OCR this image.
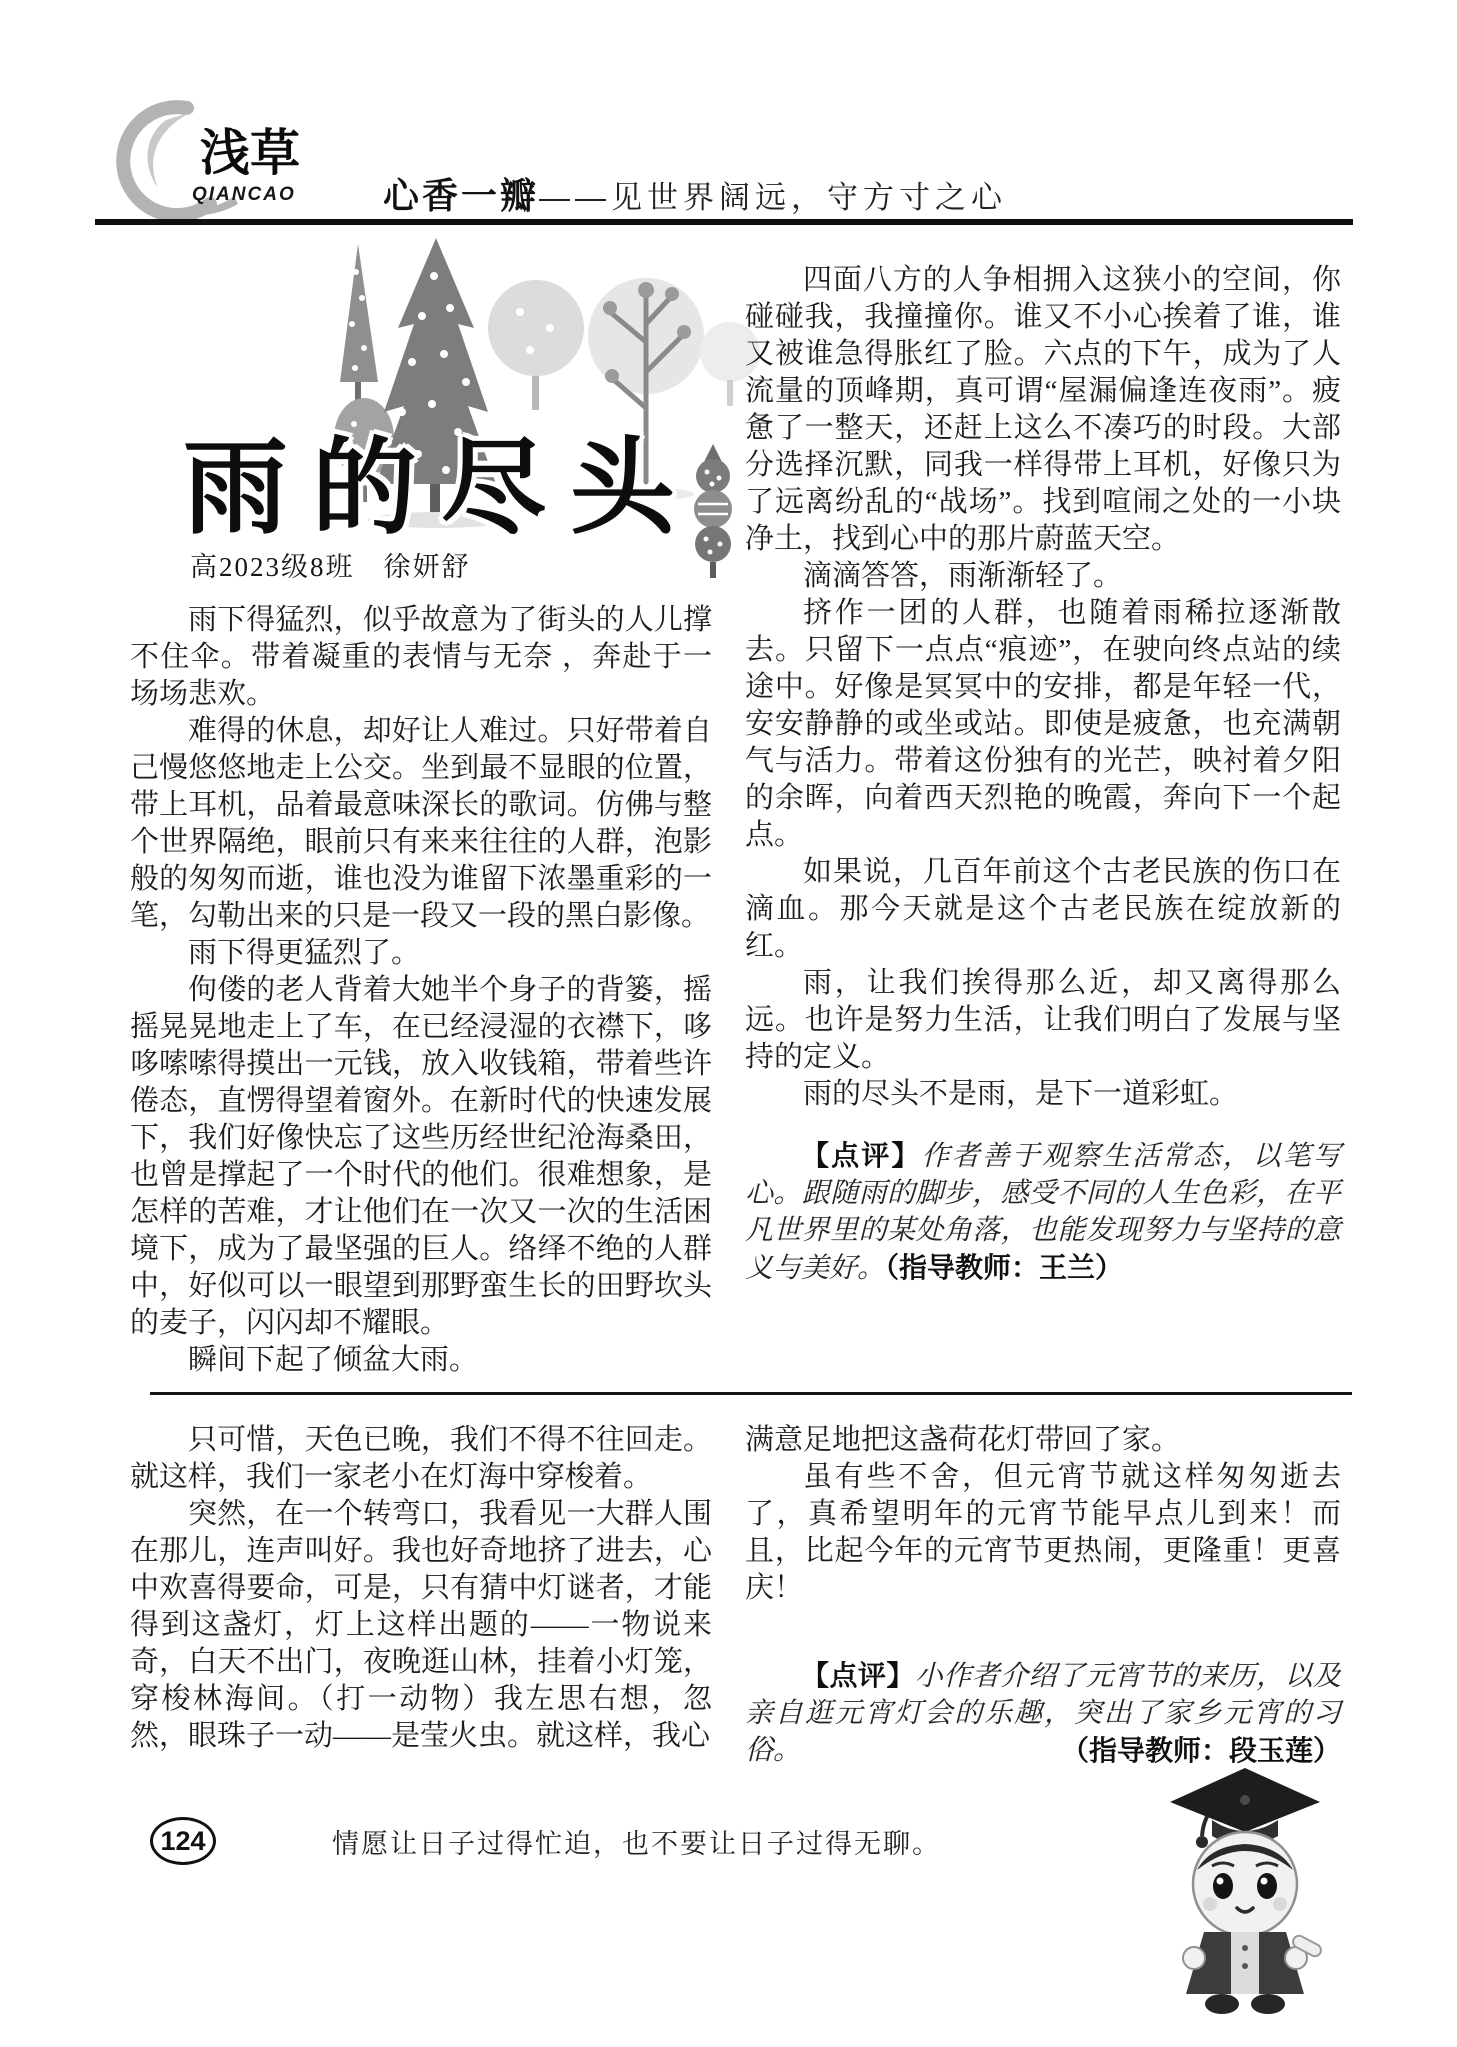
浅草
QIANCAO 心香一瓣——见世界阔远，守方寸之心
雨的尽头
高2023级8班　徐妍舒

雨下得猛烈，似乎故意为了街头的人儿撑不住伞。带着凝重的表情与无奈 ，奔赴于一场场悲欢。

难得的休息，却好让人难过。只好带着自己慢悠悠地走上公交。坐到最不显眼的位置，带上耳机，品着最意味深长的歌词。仿佛与整个世界隔绝，眼前只有来来往往的人群，泡影般的匆匆而逝，谁也没为谁留下浓墨重彩的一笔，勾勒出来的只是一段又一段的黑白影像。

雨下得更猛烈了。

佝偻的老人背着大她半个身子的背篓，摇摇晃晃地走上了车，在已经浸湿的衣襟下，哆哆嗦嗦得摸出一元钱，放入收钱箱，带着些许倦态，直愣得望着窗外。在新时代的快速发展下，我们好像快忘了这些历经世纪沧海桑田，也曾是撑起了一个时代的他们。很难想象，是怎样的苦难，才让他们在一次又一次的生活困境下，成为了最坚强的巨人。络绎不绝的人群中，好似可以一眼望到那野蛮生长的田野坎头的麦子，闪闪却不耀眼。

瞬间下起了倾盆大雨。

四面八方的人争相拥入这狭小的空间，你碰碰我，我撞撞你。谁又不小心挨着了谁，谁又被谁急得胀红了脸。六点的下午，成为了人流量的顶峰期，真可谓“屋漏偏逢连夜雨”。疲惫了一整天，还赶上这么不凑巧的时段。大部分选择沉默，同我一样得带上耳机，好像只为了远离纷乱的“战场”。找到喧闹之处的一小块净土，找到心中的那片蔚蓝天空。

滴滴答答，雨渐渐轻了。

挤作一团的人群，也随着雨稀拉逐渐散去。只留下一点点“痕迹”，在驶向终点站的续途中。好像是冥冥中的安排，都是年轻一代，安安静静的或坐或站。即使是疲惫，也充满朝气与活力。带着这份独有的光芒，映衬着夕阳的余晖，向着西天烈艳的晚霞，奔向下一个起点。

如果说，几百年前这个古老民族的伤口在滴血。那今天就是这个古老民族在绽放新的红。

雨，让我们挨得那么近，却又离得那么远。也许是努力生活，让我们明白了发展与坚持的定义。

雨的尽头不是雨，是下一道彩虹。

【点评】作者善于观察生活常态，以笔写心。跟随雨的脚步，感受不同的人生色彩，在平凡世界里的某处角落，也能发现努力与坚持的意义与美好。（指导教师：王兰）

只可惜，天色已晚，我们不得不往回走。就这样，我们一家老小在灯海中穿梭着。

突然，在一个转弯口，我看见一大群人围在那儿，连声叫好。我也好奇地挤了进去，心中欢喜得要命，可是，只有猜中灯谜者，才能得到这盏灯，灯上这样出题的——一物说来奇，白天不出门，夜晚逛山林，挂着小灯笼，穿梭林海间。（打一动物）我左思右想，忽然，眼珠子一动——是莹火虫。就这样，我心

满意足地把这盏荷花灯带回了家。

虽有些不舍，但元宵节就这样匆匆逝去了，真希望明年的元宵节能早点儿到来！而且，比起今年的元宵节更热闹，更隆重！更喜庆！

【点评】小作者介绍了元宵节的来历，以及亲自逛元宵灯会的乐趣，突出了家乡元宵的习俗。	（指导教师：段玉莲）

124	情愿让日子过得忙迫，也不要让日子过得无聊。
